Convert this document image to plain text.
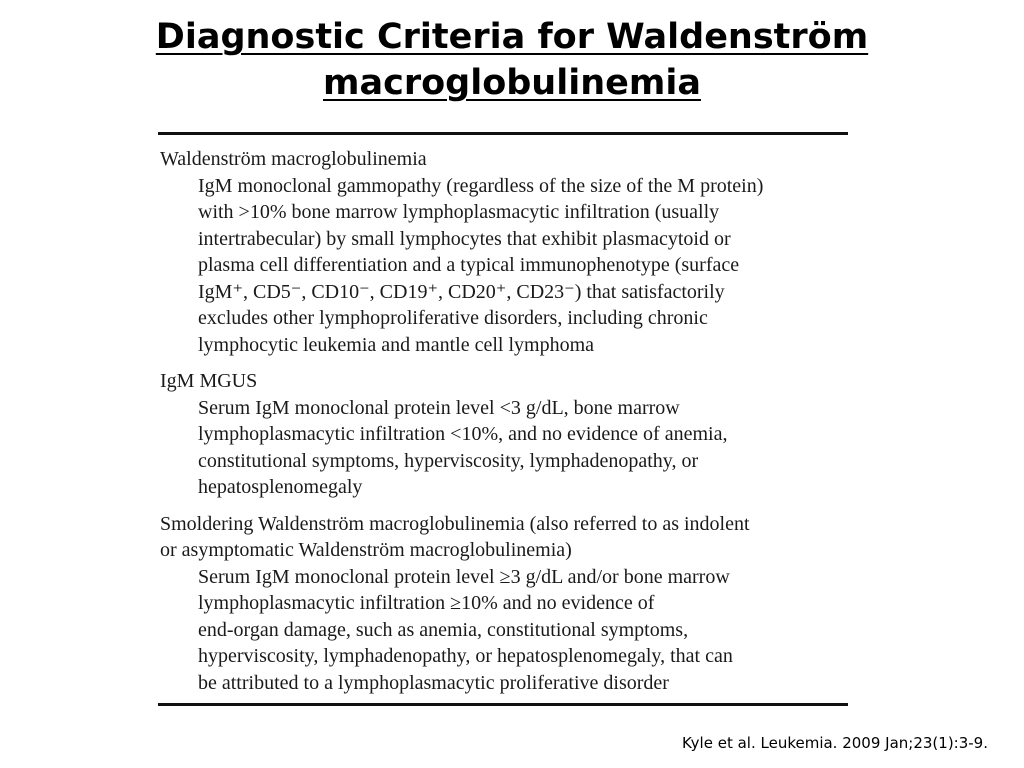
Diagnostic Criteria for Waldenström
macroglobulinemia

Waldenström macroglobulinemia

IgM monoclonal gammopathy (regardless of the size of the M protein)
with >10% bone marrow lymphoplasmacytic infiltration (usually
intertrabecular) by small lymphocytes that exhibit plasmacytoid or
plasma cell differentiation and a typical immunophenotype (surface
IgM⁺, CD5⁻, CD10⁻, CD19⁺, CD20⁺, CD23⁻) that satisfactorily
excludes other lymphoproliferative disorders, including chronic
lymphocytic leukemia and mantle cell lymphoma

IgM MGUS

Serum IgM monoclonal protein level <3 g/dL, bone marrow
lymphoplasmacytic infiltration <10%, and no evidence of anemia,
constitutional symptoms, hyperviscosity, lymphadenopathy, or
hepatosplenomegaly

Smoldering Waldenström macroglobulinemia (also referred to as indolent
or asymptomatic Waldenström macroglobulinemia)

Serum IgM monoclonal protein level ≥3 g/dL and/or bone marrow
lymphoplasmacytic infiltration ≥10% and no evidence of
end-organ damage, such as anemia, constitutional symptoms,
hyperviscosity, lymphadenopathy, or hepatosplenomegaly, that can
be attributed to a lymphoplasmacytic proliferative disorder

Kyle et al. Leukemia. 2009 Jan;23(1):3-9.
